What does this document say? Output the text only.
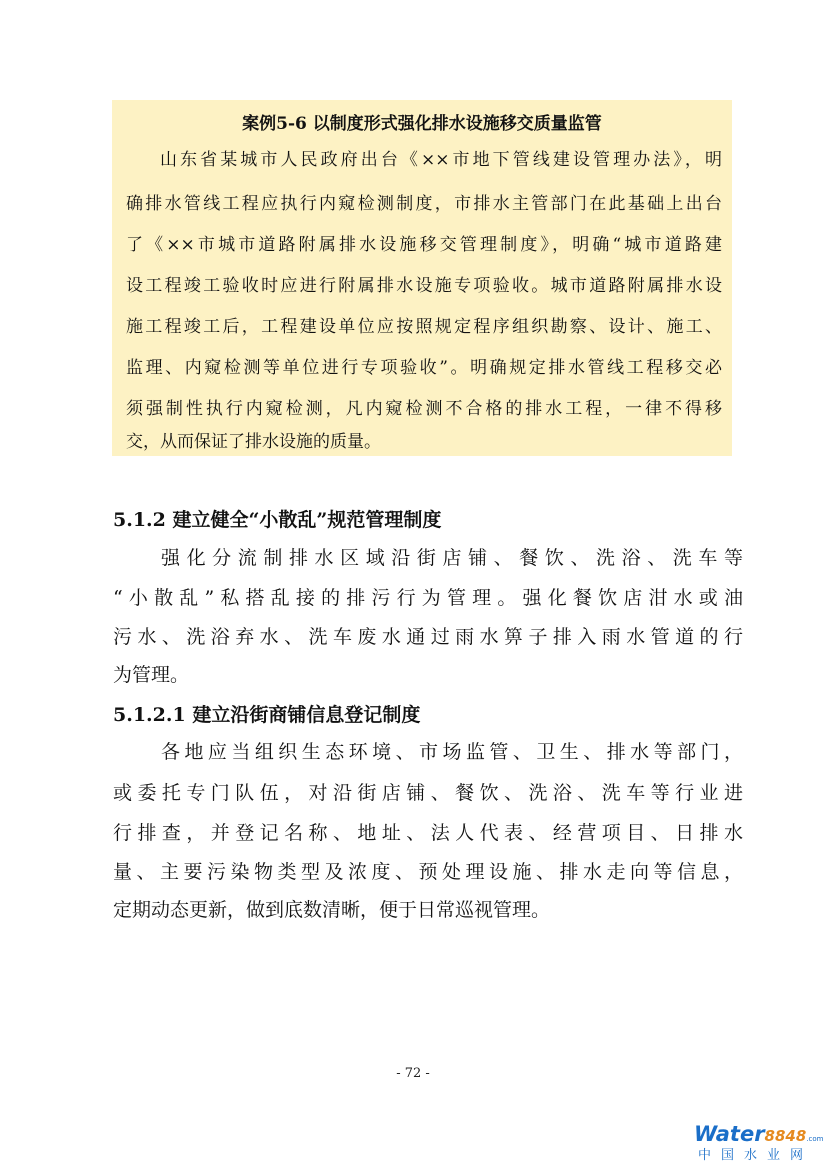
案例5-6 以制度形式强化排水设施移交质量监管
山东省某城市人民政府出台《××市地下管线建设管理办法》，明
确排水管线工程应执行内窥检测制度，市排水主管部门在此基础上出台
了《××市城市道路附属排水设施移交管理制度》，明确“城市道路建
设工程竣工验收时应进行附属排水设施专项验收。城市道路附属排水设
施工程竣工后，工程建设单位应按照规定程序组织勘察、设计、施工、
监理、内窥检测等单位进行专项验收”。明确规定排水管线工程移交必
须强制性执行内窥检测，凡内窥检测不合格的排水工程，一律不得移
交，从而保证了排水设施的质量。
5.1.2 建立健全“小散乱”规范管理制度
强化分流制排水区域沿街店铺、餐饮、洗浴、洗车等
“小散乱”私搭乱接的排污行为管理。强化餐饮店泔水或油
污水、洗浴弃水、洗车废水通过雨水箅子排入雨水管道的行
为管理。
5.1.2.1 建立沿街商铺信息登记制度
各地应当组织生态环境、市场监管、卫生、排水等部门，
或委托专门队伍，对沿街店铺、餐饮、洗浴、洗车等行业进
行排查，并登记名称、地址、法人代表、经营项目、日排水
量、主要污染物类型及浓度、预处理设施、排水走向等信息，
定期动态更新，做到底数清晰，便于日常巡视管理。
- 72 -
Water8848.com
中国水业网
